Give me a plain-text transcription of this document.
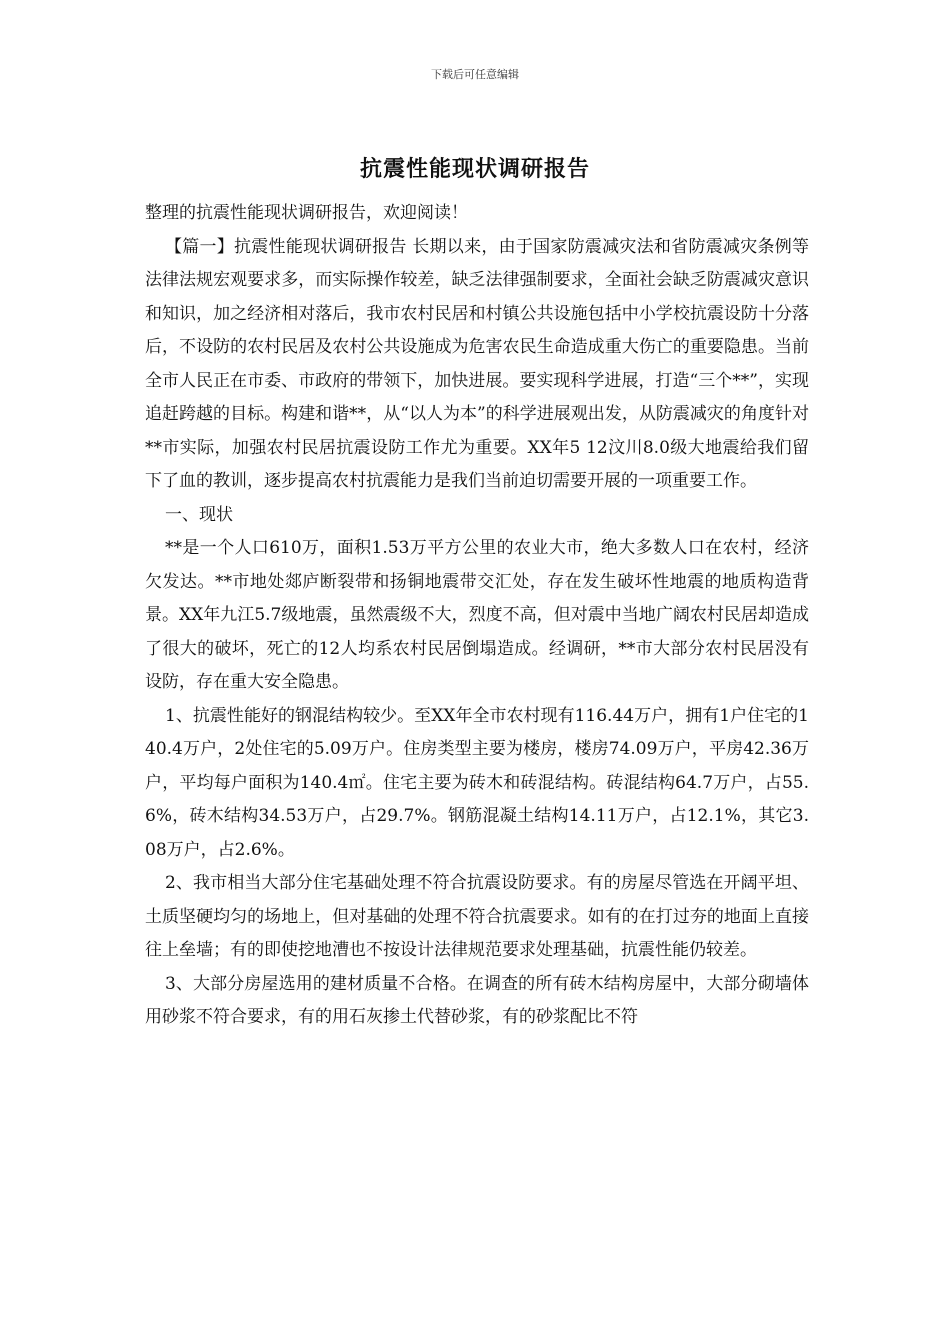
下载后可任意编辑
抗震性能现状调研报告

整理的抗震性能现状调研报告，欢迎阅读！

【篇一】抗震性能现状调研报告 长期以来，由于国家防震减灾法和省防震减灾条例等法律法规宏观要求多，而实际操作较差，缺乏法律强制要求，全面社会缺乏防震减灾意识和知识，加之经济相对落后，我市农村民居和村镇公共设施包括中小学校抗震设防十分落后，不设防的农村民居及农村公共设施成为危害农民生命造成重大伤亡的重要隐患。当前全市人民正在市委、市政府的带领下，加快进展。要实现科学进展，打造“三个**”，实现追赶跨越的目标。构建和谐**，从“以人为本”的科学进展观出发，从防震减灾的角度针对**市实际，加强农村民居抗震设防工作尤为重要。XX年5 12汶川8.0级大地震给我们留下了血的教训，逐步提高农村抗震能力是我们当前迫切需要开展的一项重要工作。

一、现状

**是一个人口610万，面积1.53万平方公里的农业大市，绝大多数人口在农村，经济欠发达。**市地处郯庐断裂带和扬铜地震带交汇处，存在发生破坏性地震的地质构造背景。XX年九江5.7级地震，虽然震级不大，烈度不高，但对震中当地广阔农村民居却造成了很大的破坏，死亡的12人均系农村民居倒塌造成。经调研，**市大部分农村民居没有设防，存在重大安全隐患。

1、抗震性能好的钢混结构较少。至XX年全市农村现有116.44万户，拥有1户住宅的140.4万户，2处住宅的5.09万户。住房类型主要为楼房，楼房74.09万户，平房42.36万户，平均每户面积为140.4㎡。住宅主要为砖木和砖混结构。砖混结构64.7万户，占55.6%，砖木结构34.53万户，占29.7%。钢筋混凝土结构14.11万户，占12.1%，其它3.08万户，占2.6%。

2、我市相当大部分住宅基础处理不符合抗震设防要求。有的房屋尽管选在开阔平坦、土质坚硬均匀的场地上，但对基础的处理不符合抗震要求。如有的在打过夯的地面上直接往上垒墙；有的即使挖地漕也不按设计法律规范要求处理基础，抗震性能仍较差。

3、大部分房屋选用的建材质量不合格。在调查的所有砖木结构房屋中，大部分砌墙体用砂浆不符合要求，有的用石灰掺土代替砂浆，有的砂浆配比不符
